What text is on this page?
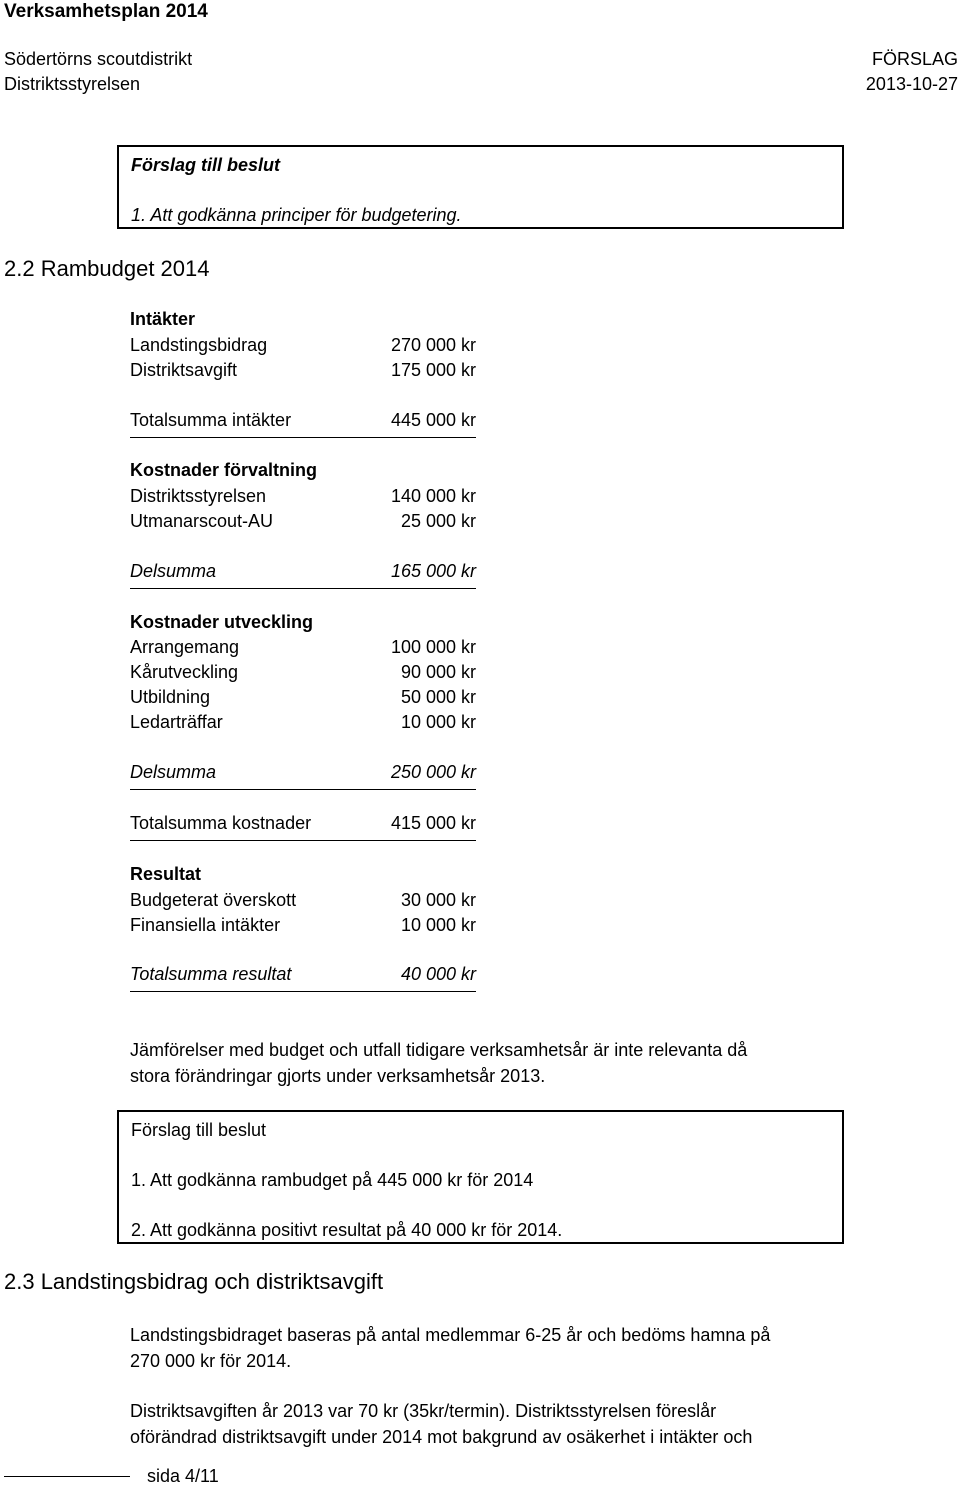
Verksamhetsplan 2014
Södertörns scoutdistrikt
Distriktsstyrelsen
FÖRSLAG
2013-10-27
Förslag till beslut
1. Att godkänna principer för budgetering.
2.2 Rambudget 2014
Intäkter
Landstingsbidrag	270 000 kr
Distriktsavgift	175 000 kr
Totalsumma intäkter	445 000 kr
Kostnader förvaltning
Distriktsstyrelsen	140 000 kr
Utmanarscout-AU	25 000 kr
Delsumma	165 000 kr
Kostnader utveckling
Arrangemang	100 000 kr
Kårutveckling	90 000 kr
Utbildning	50 000 kr
Ledarträffar	10 000 kr
Delsumma	250 000 kr
Totalsumma kostnader	415 000 kr
Resultat
Budgeterat överskott	30 000 kr
Finansiella intäkter	10 000 kr
Totalsumma resultat	40 000 kr
Jämförelser med budget och utfall tidigare verksamhetsår är inte relevanta då
stora förändringar gjorts under verksamhetsår 2013.
Förslag till beslut
1. Att godkänna rambudget på 445 000 kr för 2014
2. Att godkänna positivt resultat på 40 000 kr för 2014.
2.3 Landstingsbidrag och distriktsavgift
Landstingsbidraget baseras på antal medlemmar 6-25 år och bedöms hamna på
270 000 kr för 2014.
Distriktsavgiften år 2013 var 70 kr (35kr/termin). Distriktsstyrelsen föreslår
oförändrad distriktsavgift under 2014 mot bakgrund av osäkerhet i intäkter och
sida 4/11
